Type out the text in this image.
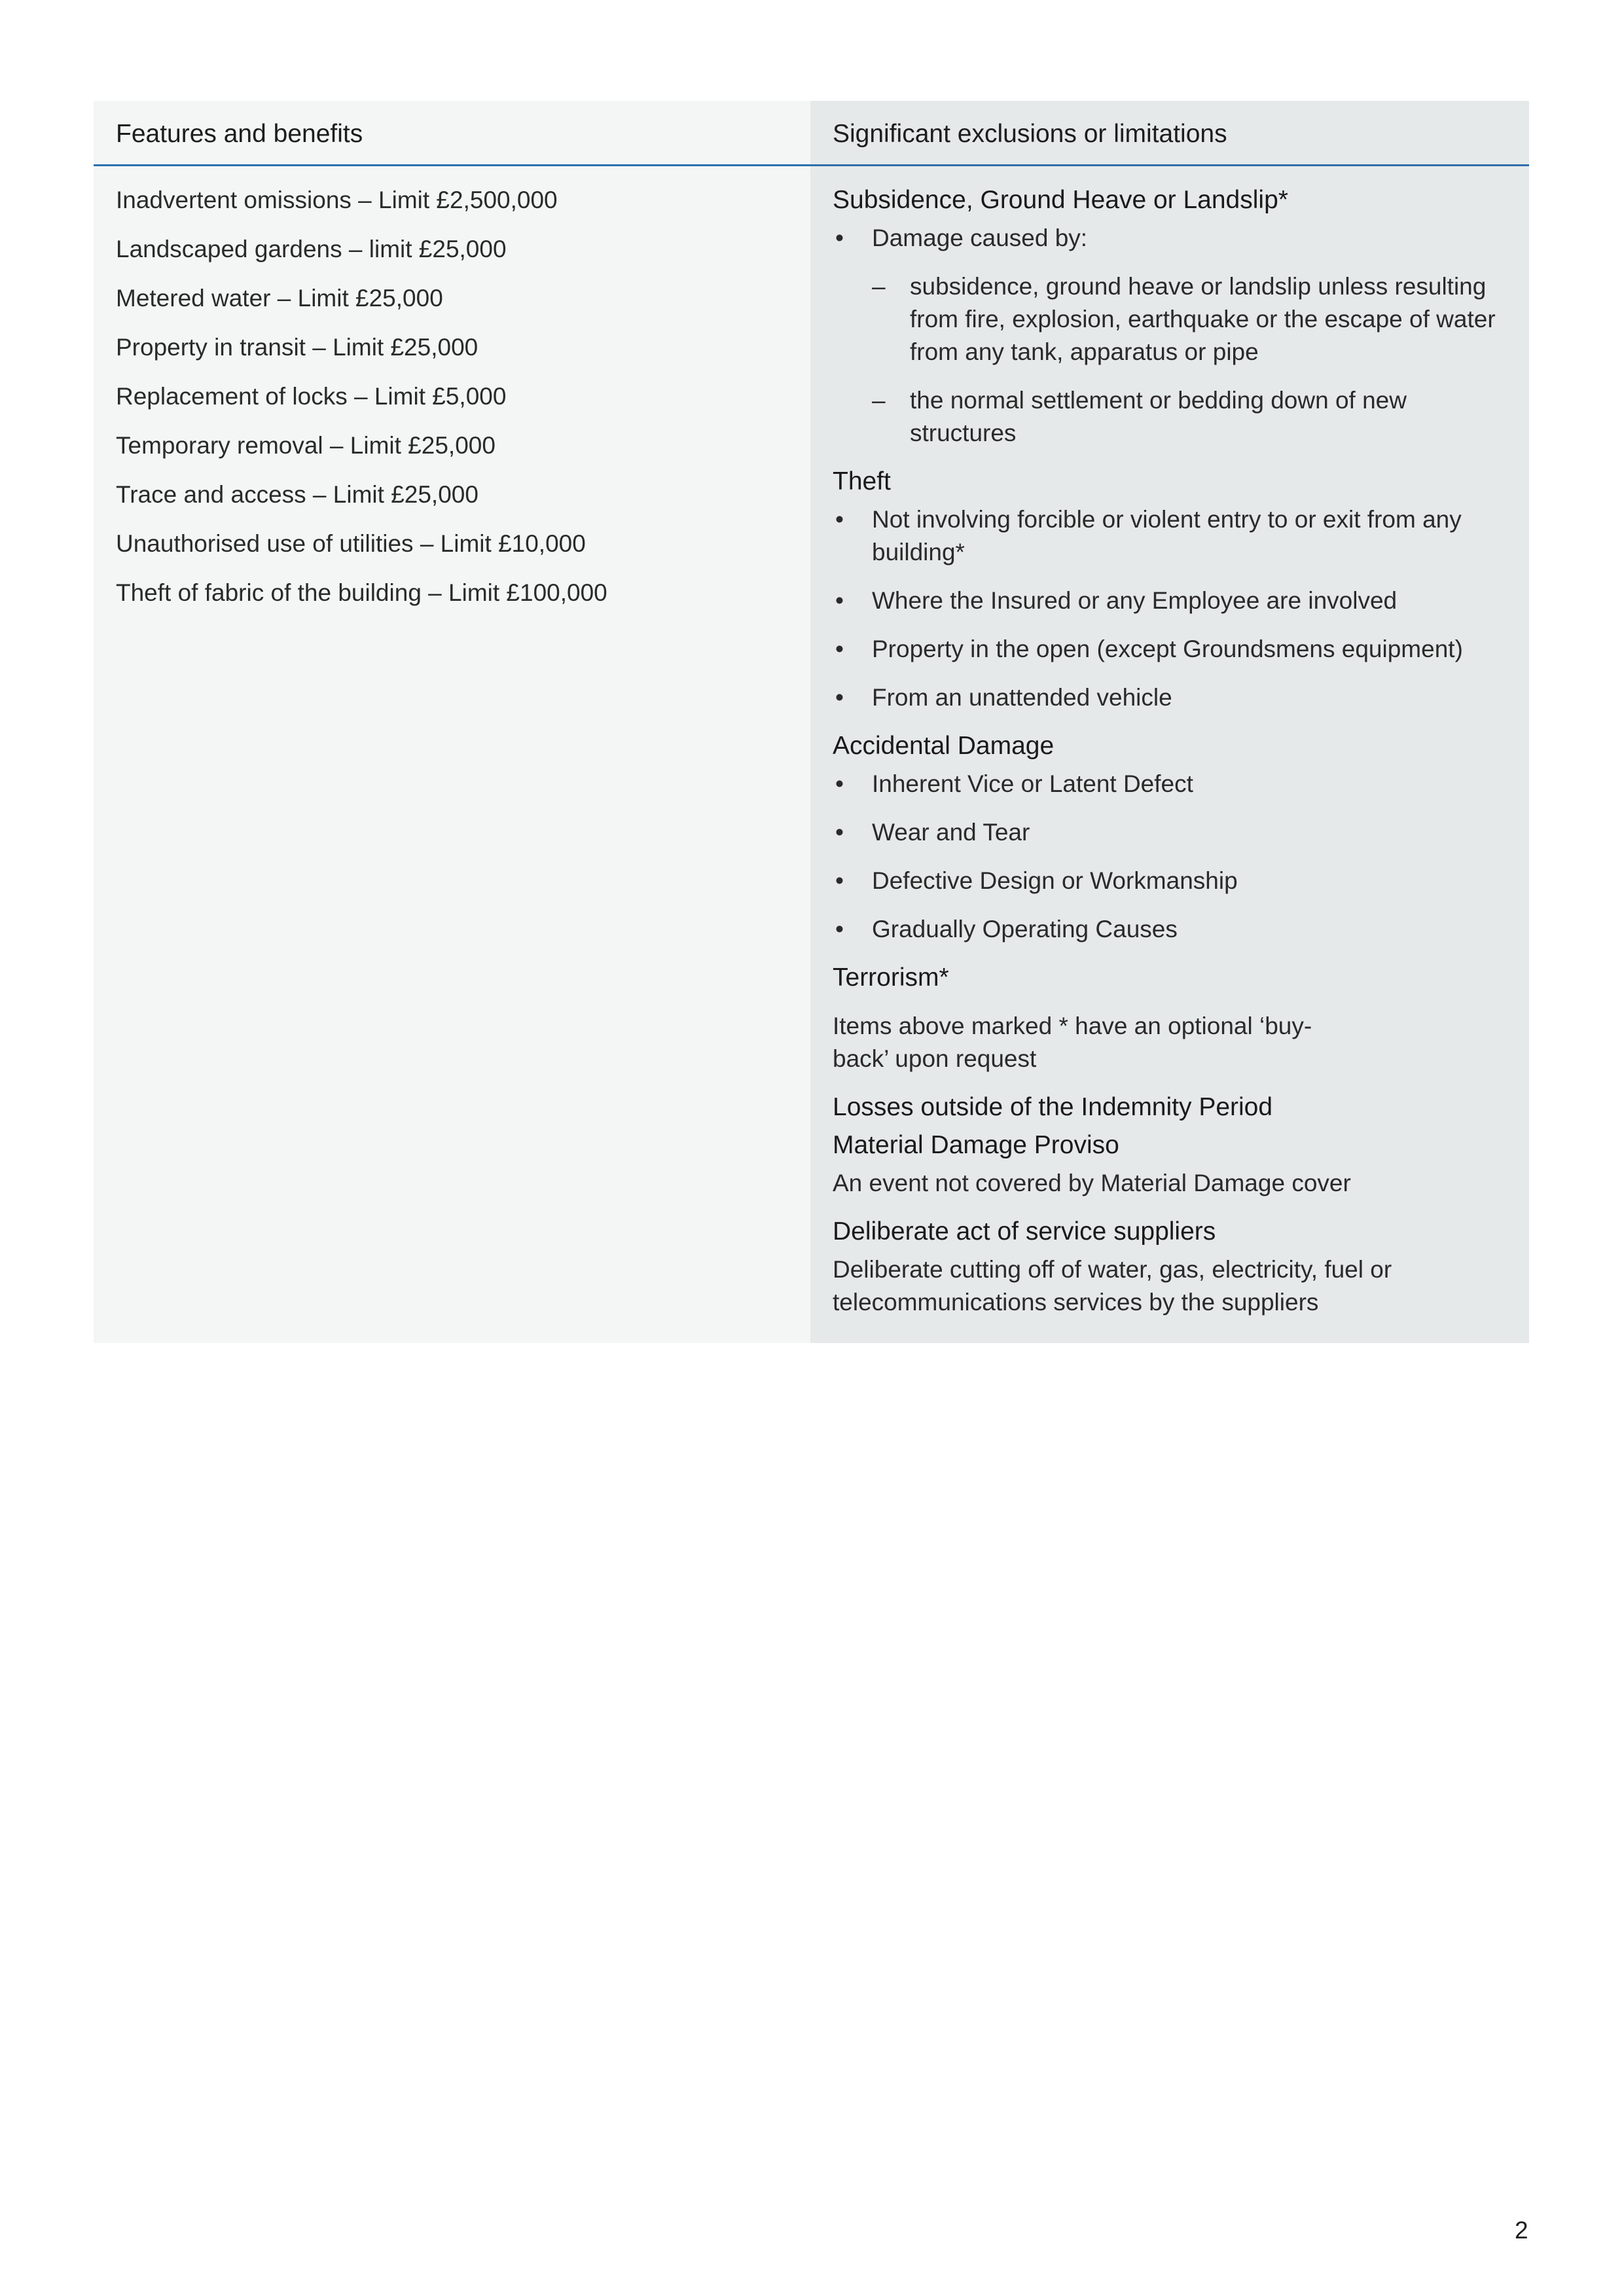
Features and benefits
Inadvertent omissions – Limit £2,500,000
Landscaped gardens – limit £25,000
Metered water – Limit £25,000
Property in transit – Limit £25,000
Replacement of locks – Limit £5,000
Temporary removal – Limit £25,000
Trace and access – Limit £25,000
Unauthorised use of utilities – Limit £10,000
Theft of fabric of the building – Limit £100,000
Significant exclusions or limitations
Subsidence, Ground Heave or Landslip*
• Damage caused by:
– subsidence, ground heave or landslip unless resulting from fire, explosion, earthquake or the escape of water from any tank, apparatus or pipe
– the normal settlement or bedding down of new structures
Theft
• Not involving forcible or violent entry to or exit from any building*
• Where the Insured or any Employee are involved
• Property in the open (except Groundsmens equipment)
• From an unattended vehicle
Accidental Damage
• Inherent Vice or Latent Defect
• Wear and Tear
• Defective Design or Workmanship
• Gradually Operating Causes
Terrorism*
Items above marked * have an optional ‘buy-back’ upon request
Losses outside of the Indemnity Period
Material Damage Proviso
An event not covered by Material Damage cover
Deliberate act of service suppliers
Deliberate cutting off of water, gas, electricity, fuel or telecommunications services by the suppliers
2
